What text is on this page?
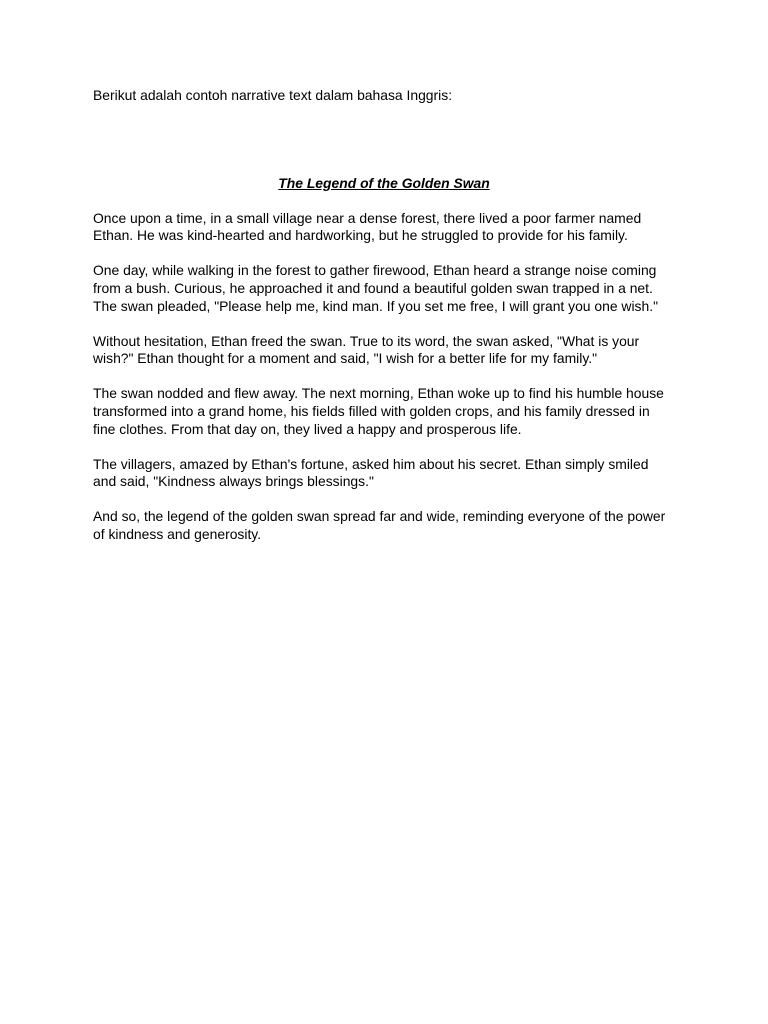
Berikut adalah contoh narrative text dalam bahasa Inggris:

The Legend of the Golden Swan

Once upon a time, in a small village near a dense forest, there lived a poor farmer named Ethan. He was kind-hearted and hardworking, but he struggled to provide for his family.

One day, while walking in the forest to gather firewood, Ethan heard a strange noise coming from a bush. Curious, he approached it and found a beautiful golden swan trapped in a net. The swan pleaded, "Please help me, kind man. If you set me free, I will grant you one wish."

Without hesitation, Ethan freed the swan. True to its word, the swan asked, "What is your wish?" Ethan thought for a moment and said, "I wish for a better life for my family."

The swan nodded and flew away. The next morning, Ethan woke up to find his humble house transformed into a grand home, his fields filled with golden crops, and his family dressed in fine clothes. From that day on, they lived a happy and prosperous life.

The villagers, amazed by Ethan's fortune, asked him about his secret. Ethan simply smiled and said, "Kindness always brings blessings."

And so, the legend of the golden swan spread far and wide, reminding everyone of the power of kindness and generosity.
